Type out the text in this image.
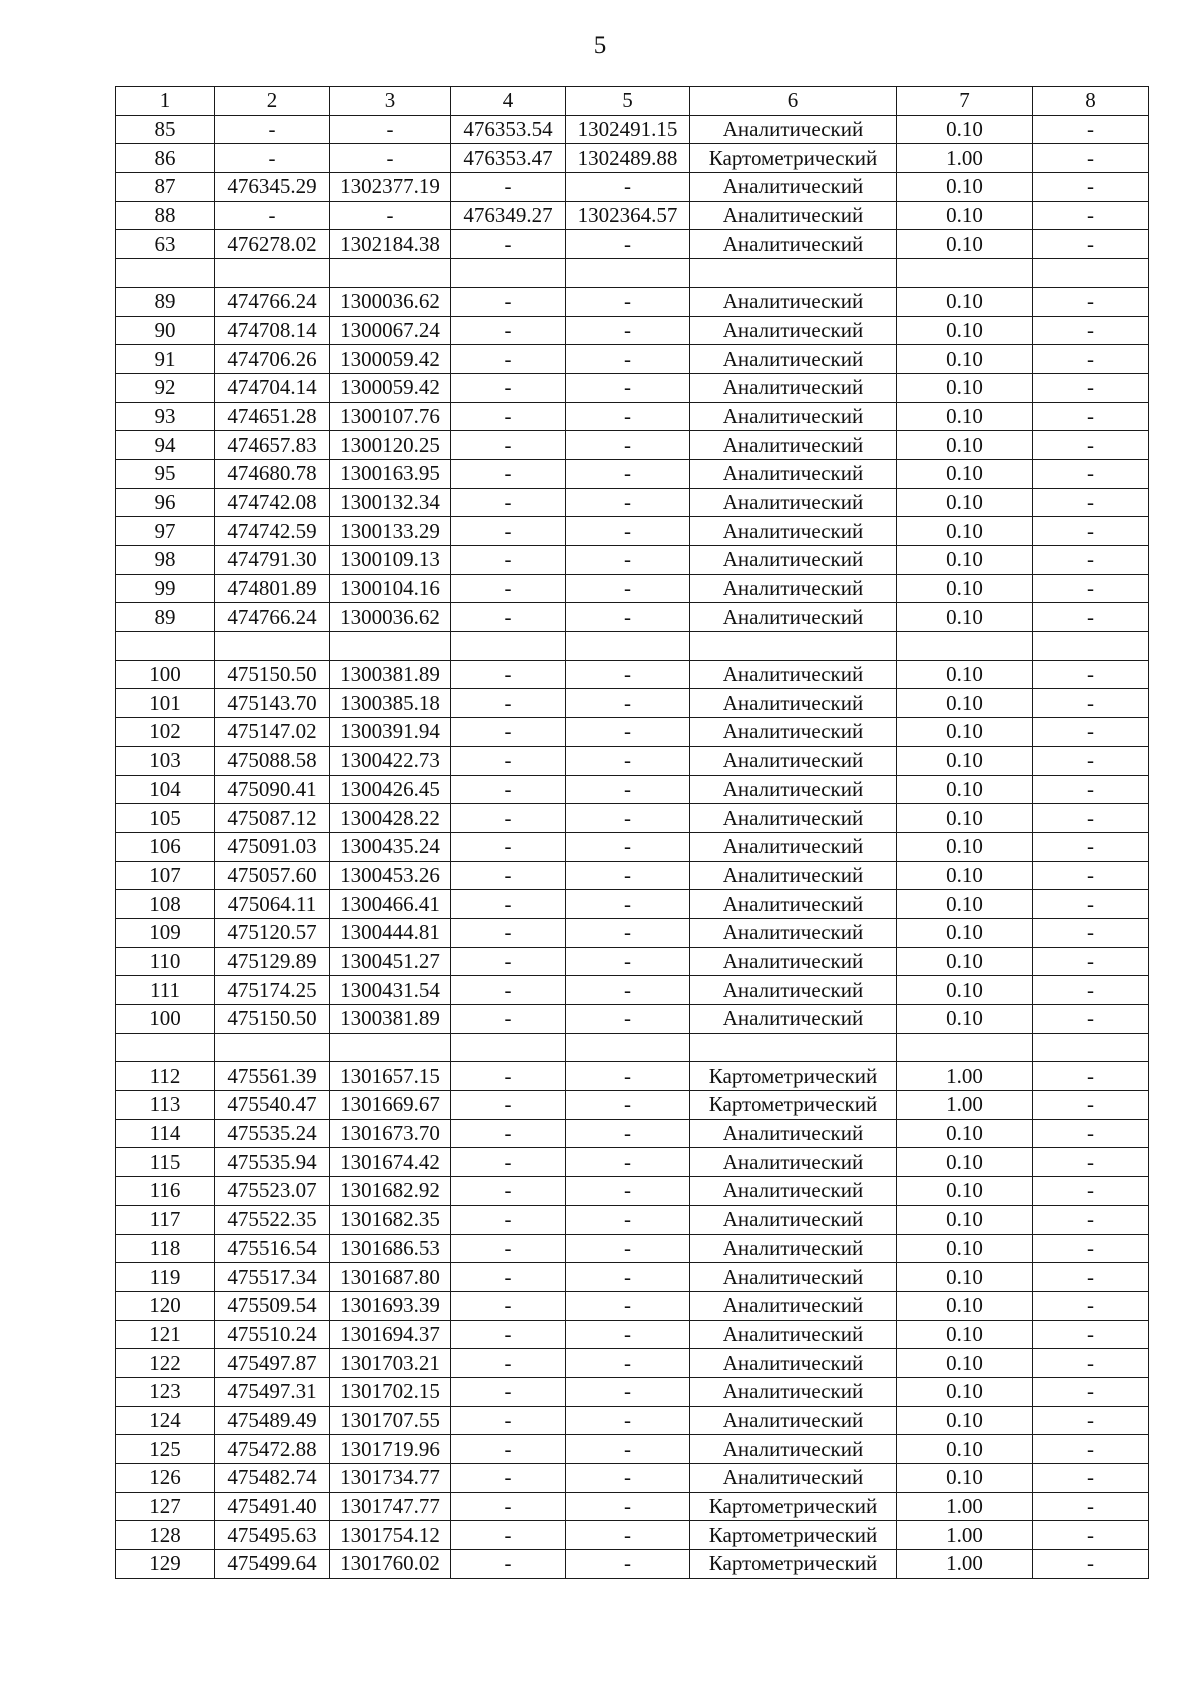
5
1	2	3	4	5	6	7	8
85	-	-	476353.54	1302491.15	Аналитический	0.10	-
86	-	-	476353.47	1302489.88	Картометрический	1.00	-
87	476345.29	1302377.19	-	-	Аналитический	0.10	-
88	-	-	476349.27	1302364.57	Аналитический	0.10	-
63	476278.02	1302184.38	-	-	Аналитический	0.10	-

89	474766.24	1300036.62	-	-	Аналитический	0.10	-
90	474708.14	1300067.24	-	-	Аналитический	0.10	-
91	474706.26	1300059.42	-	-	Аналитический	0.10	-
92	474704.14	1300059.42	-	-	Аналитический	0.10	-
93	474651.28	1300107.76	-	-	Аналитический	0.10	-
94	474657.83	1300120.25	-	-	Аналитический	0.10	-
95	474680.78	1300163.95	-	-	Аналитический	0.10	-
96	474742.08	1300132.34	-	-	Аналитический	0.10	-
97	474742.59	1300133.29	-	-	Аналитический	0.10	-
98	474791.30	1300109.13	-	-	Аналитический	0.10	-
99	474801.89	1300104.16	-	-	Аналитический	0.10	-
89	474766.24	1300036.62	-	-	Аналитический	0.10	-

100	475150.50	1300381.89	-	-	Аналитический	0.10	-
101	475143.70	1300385.18	-	-	Аналитический	0.10	-
102	475147.02	1300391.94	-	-	Аналитический	0.10	-
103	475088.58	1300422.73	-	-	Аналитический	0.10	-
104	475090.41	1300426.45	-	-	Аналитический	0.10	-
105	475087.12	1300428.22	-	-	Аналитический	0.10	-
106	475091.03	1300435.24	-	-	Аналитический	0.10	-
107	475057.60	1300453.26	-	-	Аналитический	0.10	-
108	475064.11	1300466.41	-	-	Аналитический	0.10	-
109	475120.57	1300444.81	-	-	Аналитический	0.10	-
110	475129.89	1300451.27	-	-	Аналитический	0.10	-
111	475174.25	1300431.54	-	-	Аналитический	0.10	-
100	475150.50	1300381.89	-	-	Аналитический	0.10	-

112	475561.39	1301657.15	-	-	Картометрический	1.00	-
113	475540.47	1301669.67	-	-	Картометрический	1.00	-
114	475535.24	1301673.70	-	-	Аналитический	0.10	-
115	475535.94	1301674.42	-	-	Аналитический	0.10	-
116	475523.07	1301682.92	-	-	Аналитический	0.10	-
117	475522.35	1301682.35	-	-	Аналитический	0.10	-
118	475516.54	1301686.53	-	-	Аналитический	0.10	-
119	475517.34	1301687.80	-	-	Аналитический	0.10	-
120	475509.54	1301693.39	-	-	Аналитический	0.10	-
121	475510.24	1301694.37	-	-	Аналитический	0.10	-
122	475497.87	1301703.21	-	-	Аналитический	0.10	-
123	475497.31	1301702.15	-	-	Аналитический	0.10	-
124	475489.49	1301707.55	-	-	Аналитический	0.10	-
125	475472.88	1301719.96	-	-	Аналитический	0.10	-
126	475482.74	1301734.77	-	-	Аналитический	0.10	-
127	475491.40	1301747.77	-	-	Картометрический	1.00	-
128	475495.63	1301754.12	-	-	Картометрический	1.00	-
129	475499.64	1301760.02	-	-	Картометрический	1.00	-
